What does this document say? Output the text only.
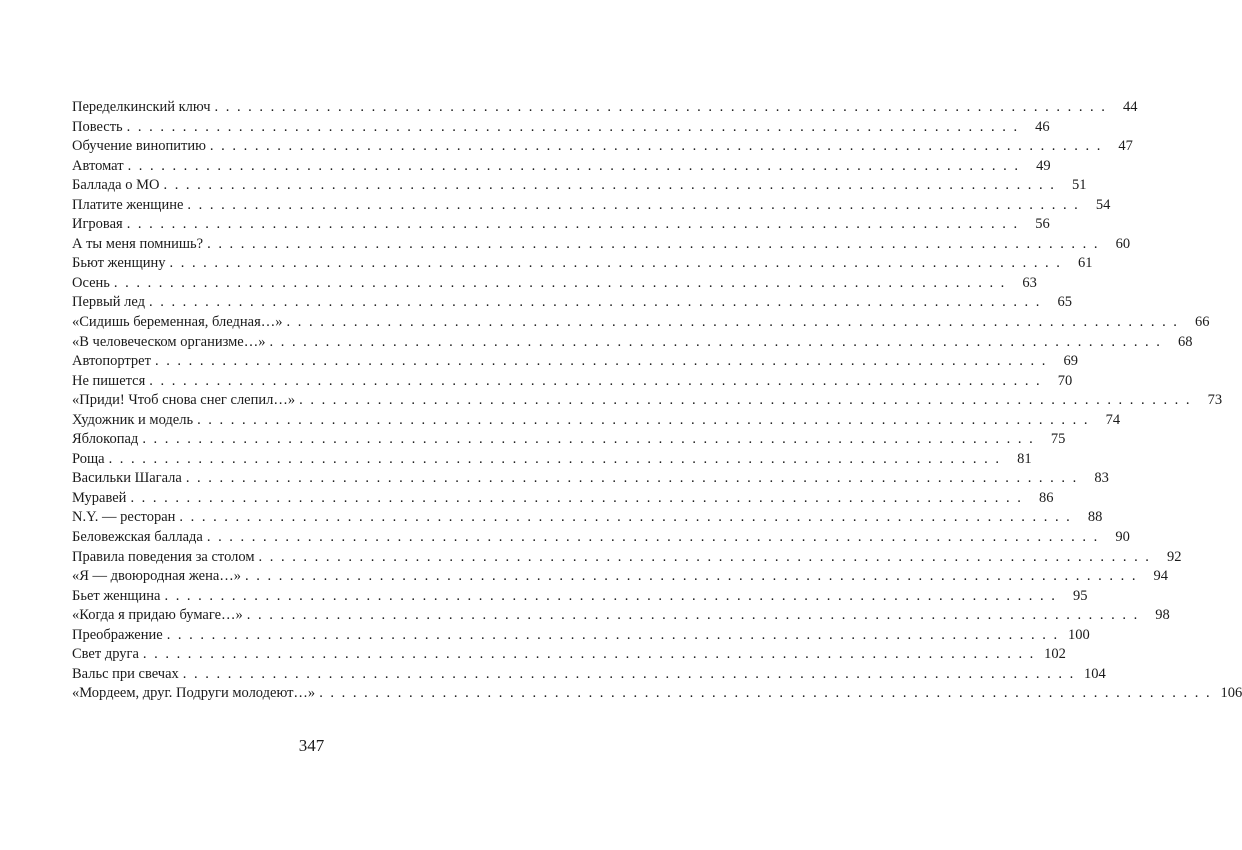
Переделкинский ключ ................................................................................ 44
Повесть ................................................................................ 46
Обучение винопитию ................................................................................ 47
Автомат ................................................................................ 49
Баллада о МО ................................................................................ 51
Платите женщине ................................................................................ 54
Игровая ................................................................................ 56
А ты меня помнишь? ................................................................................ 60
Бьют женщину ................................................................................ 61
Осень ................................................................................ 63
Первый лед ................................................................................ 65
«Сидишь беременная, бледная…» ................................................................................ 66
«В человеческом организме…» ................................................................................ 68
Автопортрет ................................................................................ 69
Не пишется ................................................................................ 70
«Приди! Чтоб снова снег слепил…» ................................................................................ 73
Художник и модель ................................................................................ 74
Яблокопад ................................................................................ 75
Роща ................................................................................ 81
Васильки Шагала ................................................................................ 83
Муравей ................................................................................ 86
N.Y. — ресторан ................................................................................ 88
Беловежская баллада ................................................................................ 90
Правила поведения за столом ................................................................................ 92
«Я — двоюродная жена…» ................................................................................ 94
Бьет женщина ................................................................................ 95
«Когда я придаю бумаге…» ................................................................................ 98
Преображение ................................................................................ 100
Свет друга ................................................................................ 102
Вальс при свечах ................................................................................ 104
«Мордеем, друг. Подруги молодеют…» ................................................................................ 106
347
